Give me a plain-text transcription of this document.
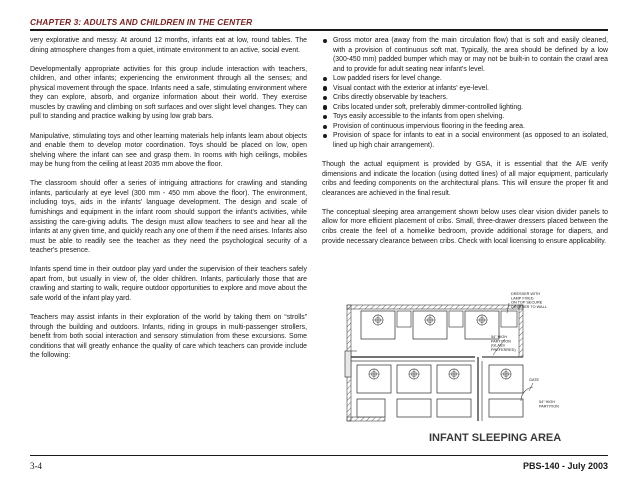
CHAPTER 3: ADULTS AND CHILDREN IN THE CENTER

very explorative and messy. At around 12 months, infants eat at low, round tables. The dining atmosphere changes from a quiet, intimate environment to an active, social event.

Developmentally appropriate activities for this group include interaction with teachers, children, and other infants; experiencing the environment through all the senses; and physical movement through the space. Infants need a safe, stimulating environment where they can explore, absorb, and organize information about their world. They exercise muscles by crawling and climbing on soft surfaces and over slight level changes. They can pull to standing and practice walking by using low grab bars.

Manipulative, stimulating toys and other learning materials help infants learn about objects and enable them to develop motor coordination. Toys should be placed on low, open shelving where the infant can see and grasp them. In rooms with high ceilings, mobiles may be hung from the ceiling at least 2035 mm above the floor.

The classroom should offer a series of intriguing attractions for crawling and standing infants, particularly at eye level (300 mm - 450 mm above the floor). The environment, including toys, aids in the infants' language development. The design and scale of furnishings and equipment in the infant room should support the infant's activities, while assisting the care-giving adults. The design must allow teachers to see and hear all the infants at any given time, and quickly reach any one of them if the need arises. Infants also must be able to readily see the teacher as they need the psychological security of a teacher's presence.

Infants spend time in their outdoor play yard under the supervision of their teachers safely apart from, but usually in view of, the older children. Infants, particularly those that are crawling and starting to walk, require outdoor opportunities to explore and move about the safe world of the infant play yard.

Teachers may assist infants in their exploration of the world by taking them on “strolls” through the building and outdoors. Infants, riding in groups in multi-passenger strollers, benefit from both social interaction and sensory stimulation from these excursions. Some conditions that will greatly enhance the quality of care which teachers can provide include the following:

Gross motor area (away from the main circulation flow) that is soft and easily cleaned, with a provision of continuous soft mat. Typically, the area should be defined by a low (300-450 mm) padded bumper which may or may not be built-in to contain the crawl area and to provide for adult seating near infant's level.
Low padded risers for level change.
Visual contact with the exterior at infants' eye-level.
Cribs directly observable by teachers.
Cribs located under soft, preferably dimmer-controlled lighting.
Toys easily accessible to the infants from open shelving.
Provision of continuous impervious flooring in the feeding area.
Provision of space for infants to eat in a social environment (as opposed to an isolated, lined up high chair arrangement).

Though the actual equipment is provided by GSA, it is essential that the A/E verify dimensions and indicate the location (using dotted lines) of all major equipment, particularly cribs and feeding components on the architectural plans. This will ensure the proper fit and clearances are achieved in the final result.

The conceptual sleeping area arrangement shown below uses clear vision divider panels to allow for more efficient placement of cribs. Small, three-drawer dressers placed between the cribs create the feel of a homelike bedroom, provide additional storage for diapers, and provide necessary clearance between cribs. Check with local licensing to ensure applicability.

DRESSER WITH
LAMP FIXED
ON TOP SECURE
DRESSER TO WALL
54" HIGH
PARTITION
(GLASS
PREFERRED)
GATE
54" HIGH
PARTITION
INFANT SLEEPING AREA
3-4	PBS-140 - July 2003
